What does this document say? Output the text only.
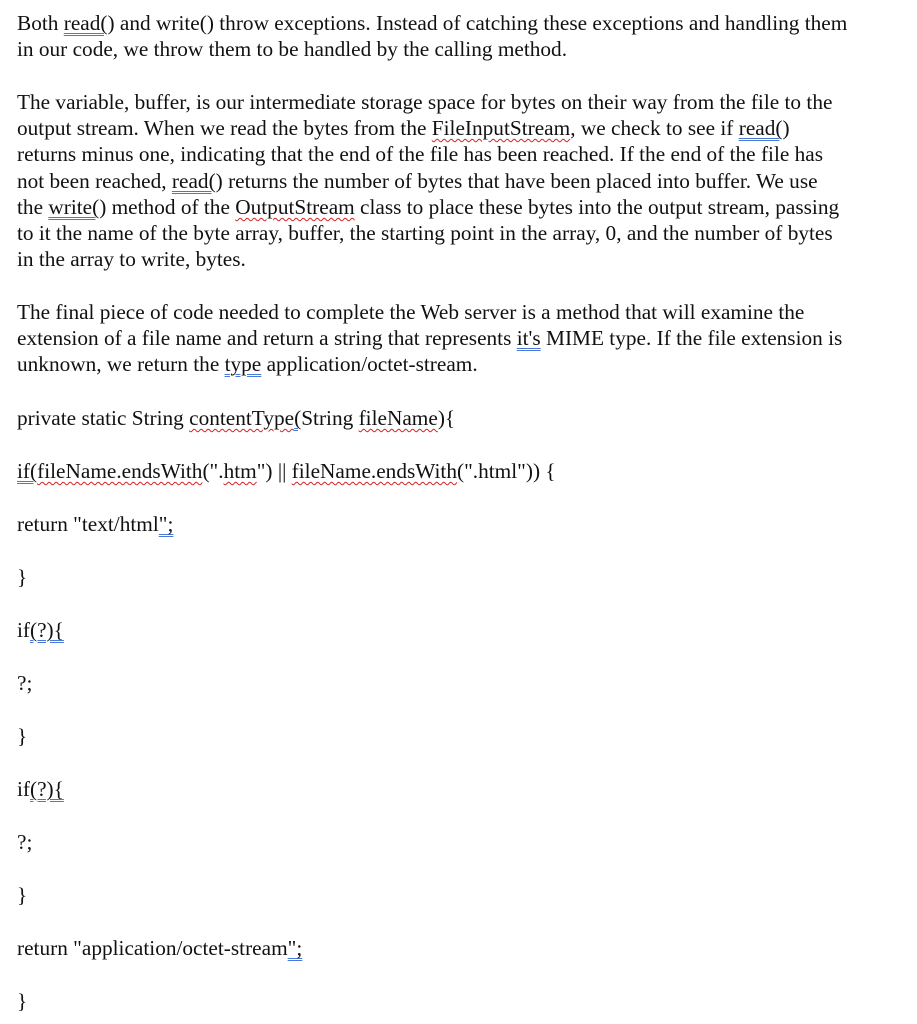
Both read() and write() throw exceptions. Instead of catching these exceptions and handling them
in our code, we throw them to be handled by the calling method.
The variable, buffer, is our intermediate storage space for bytes on their way from the file to the
output stream. When we read the bytes from the FileInputStream, we check to see if read()
returns minus one, indicating that the end of the file has been reached. If the end of the file has
not been reached, read() returns the number of bytes that have been placed into buffer. We use
the write() method of the OutputStream class to place these bytes into the output stream, passing
to it the name of the byte array, buffer, the starting point in the array, 0, and the number of bytes
in the array to write, bytes.
The final piece of code needed to complete the Web server is a method that will examine the
extension of a file name and return a string that represents it's MIME type. If the file extension is
unknown, we return the type application/octet-stream.
private static String contentType(String fileName){
if(fileName.endsWith(".htm") || fileName.endsWith(".html")) {
return "text/html";
}
if(?){
?;
}
if(?){
?;
}
return "application/octet-stream";
}
